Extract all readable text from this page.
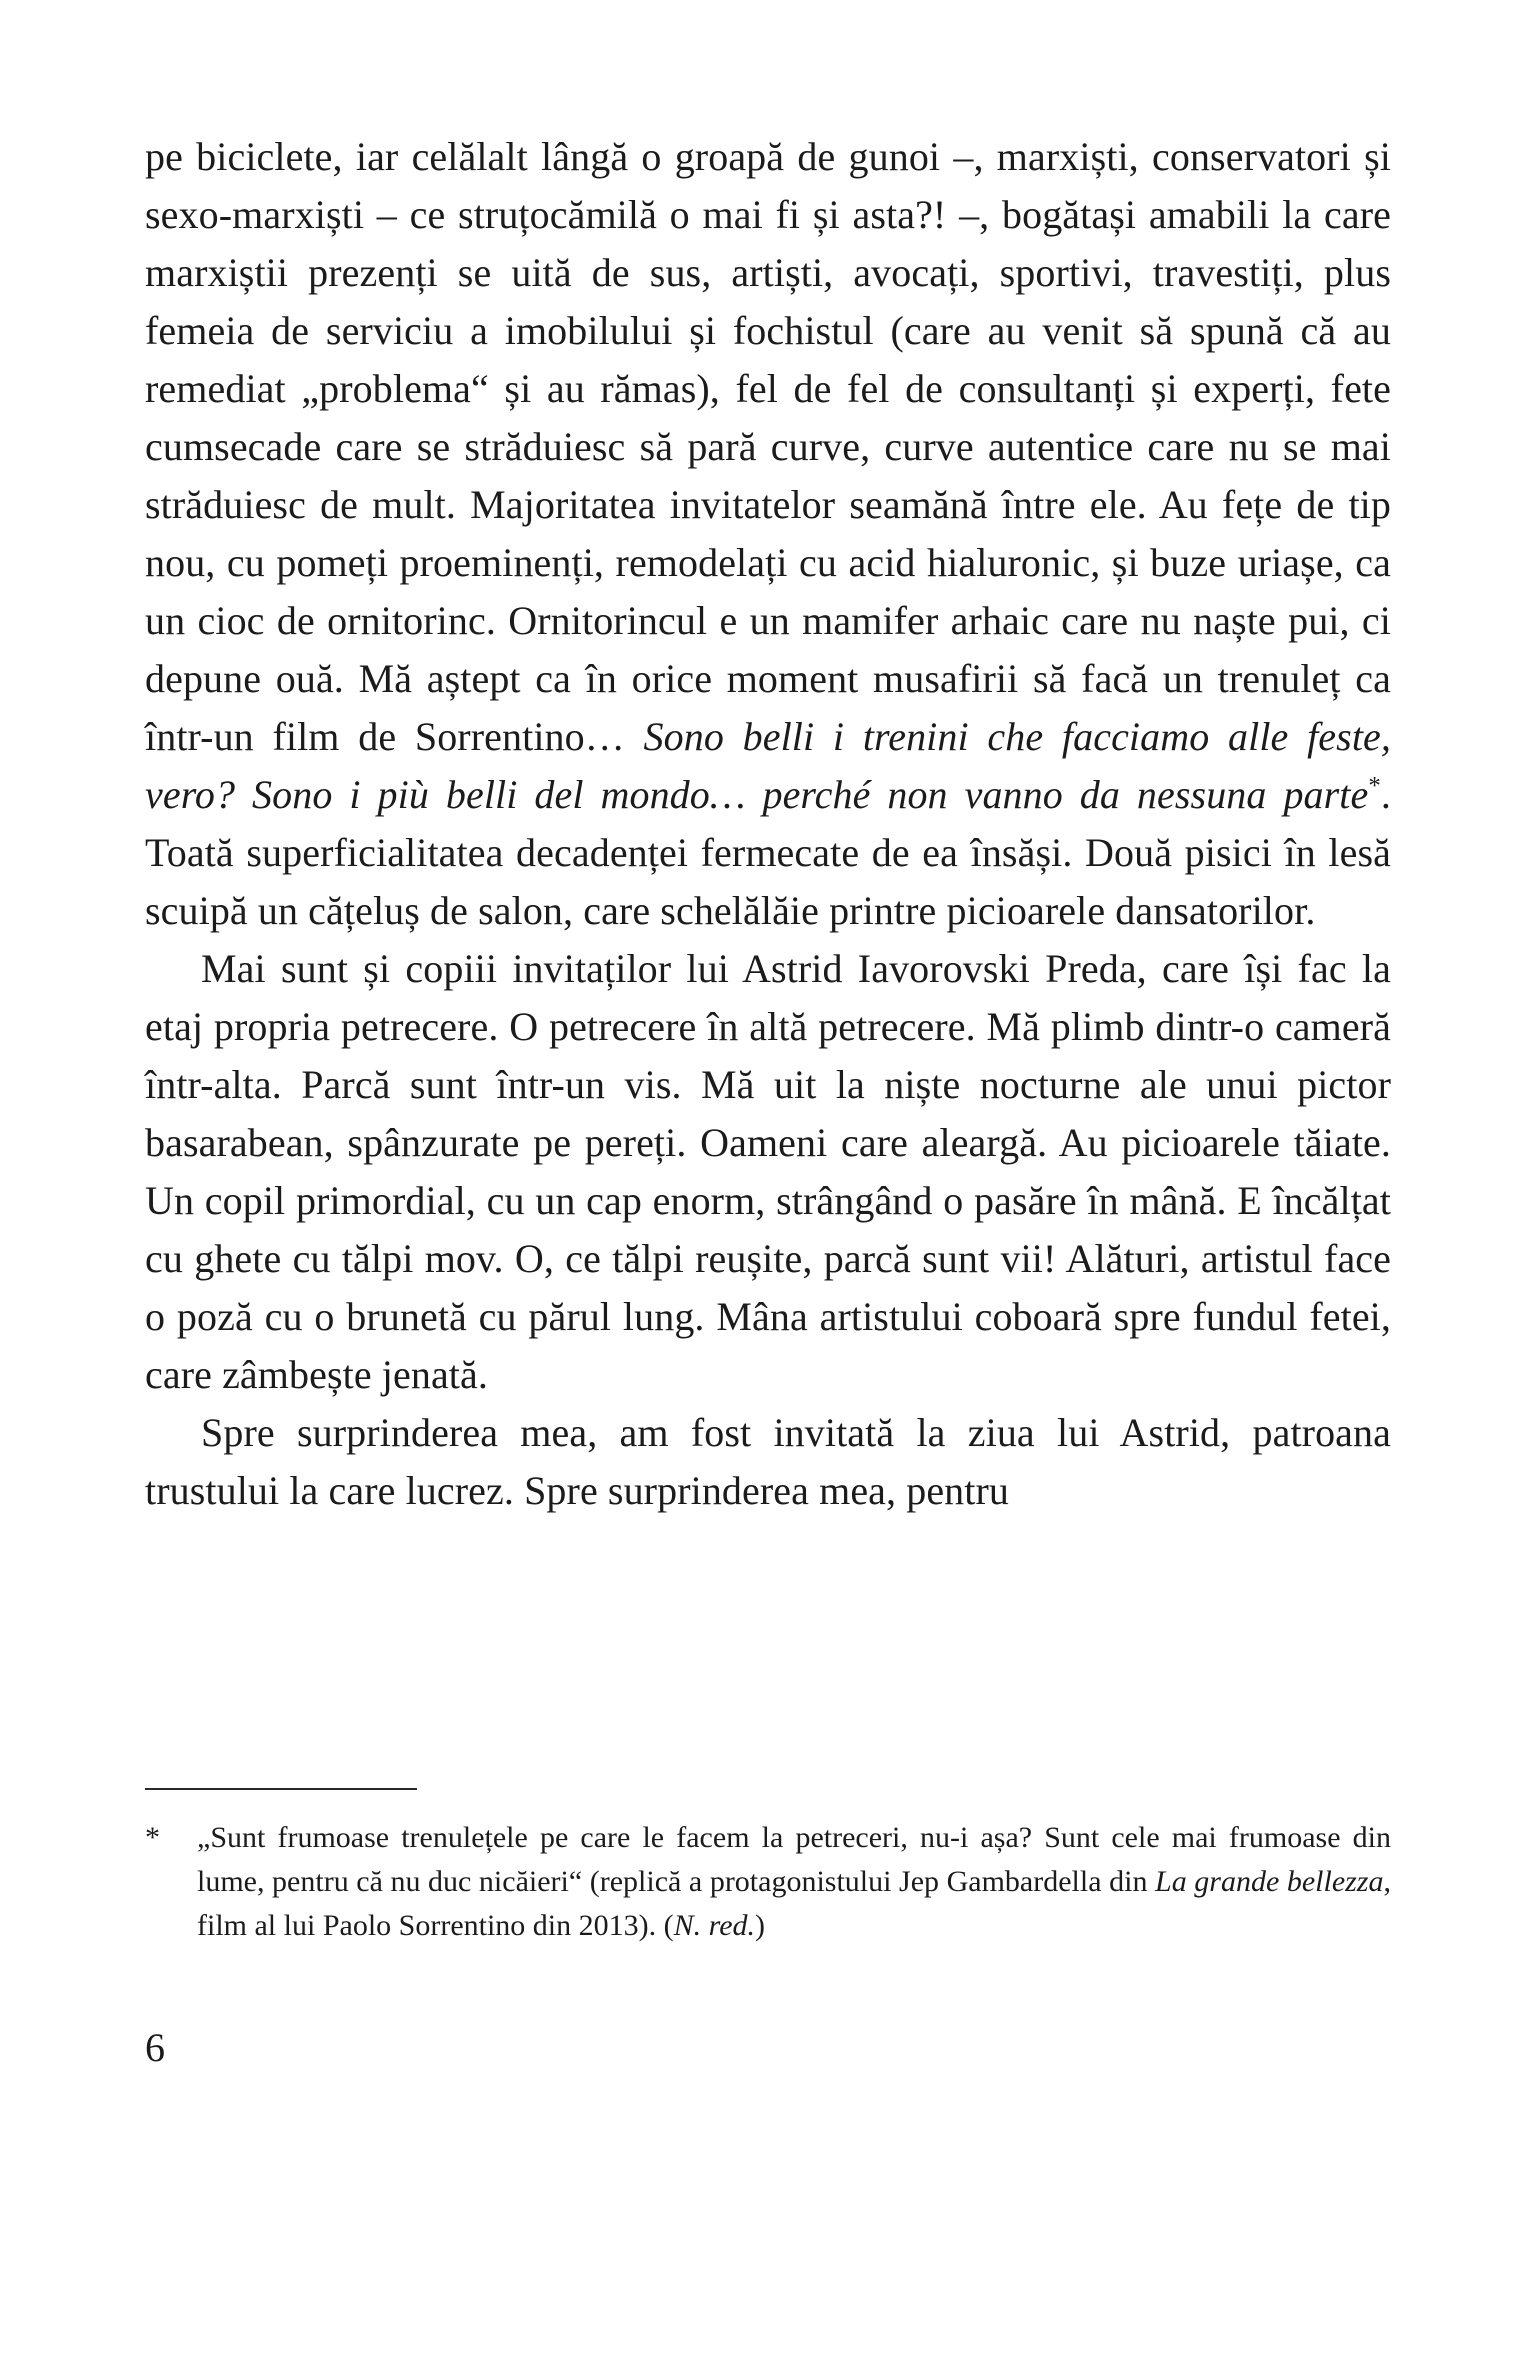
pe biciclete, iar celălalt lângă o groapă de gunoi –, marxiști, conservatori și sexo-marxiști – ce struțocămilă o mai fi și asta?! –, bogătași amabili la care marxiștii prezenți se uită de sus, artiști, avocați, sportivi, travestiți, plus femeia de serviciu a imobilului și fochistul (care au venit să spună că au remediat „problema“ și au rămas), fel de fel de consultanți și experți, fete cumsecade care se străduiesc să pară curve, curve autentice care nu se mai străduiesc de mult. Majoritatea invitatelor seamănă între ele. Au fețe de tip nou, cu pomeți proeminenți, remodelați cu acid hialuronic, și buze uriașe, ca un cioc de ornitorinc. Ornitorincul e un mamifer arhaic care nu naște pui, ci depune ouă. Mă aștept ca în orice moment musafirii să facă un trenuleț ca într-un film de Sorrentino… Sono belli i trenini che facciamo alle feste, vero? Sono i più belli del mondo… perché non vanno da nessuna parte*. Toată superficialitatea decadenței fermecate de ea însăși. Două pisici în lesă scuipă un cățeluș de salon, care schelălăie printre picioarele dansatorilor.

Mai sunt și copiii invitaților lui Astrid Iavorovski Preda, care își fac la etaj propria petrecere. O petrecere în altă petrecere. Mă plimb dintr-o cameră într-alta. Parcă sunt într-un vis. Mă uit la niște nocturne ale unui pictor basarabean, spânzurate pe pereți. Oameni care aleargă. Au picioarele tăiate. Un copil primordial, cu un cap enorm, strângând o pasăre în mână. E încălțat cu ghete cu tălpi mov. O, ce tălpi reușite, parcă sunt vii! Alături, artistul face o poză cu o brunetă cu părul lung. Mâna artistului coboară spre fundul fetei, care zâmbește jenată.

Spre surprinderea mea, am fost invitată la ziua lui Astrid, patroana trustului la care lucrez. Spre surprinderea mea, pentru

* „Sunt frumoase trenulețele pe care le facem la petreceri, nu-i așa? Sunt cele mai frumoase din lume, pentru că nu duc nicăieri“ (replică a protagonistului Jep Gambardella din La grande bellezza, film al lui Paolo Sorrentino din 2013). (N. red.)
6
